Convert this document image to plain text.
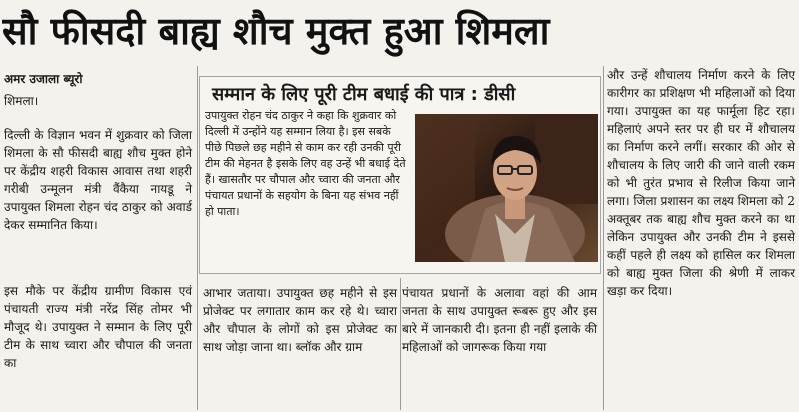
सौ फीसदी बाह्य शौच मुक्त हुआ शिमला
अमर उजाला ब्यूरो
शिमला।

दिल्ली के विज्ञान भवन में शुक्रवार को जिला शिमला के सौ फीसदी बाह्य शौच मुक्त होने पर केंद्रीय शहरी विकास आवास तथा शहरी गरीबी उन्मूलन मंत्री वैंकैया नायडू ने उपायुक्त शिमला रोहन चंद ठाकुर को अवार्ड देकर सम्मानित किया।

इस मौके पर केंद्रीय ग्रामीण विकास एवं पंचायती राज्य मंत्री नरेंद्र सिंह तोमर भी मौजूद थे। उपायुक्त ने सम्मान के लिए पूरी टीम के साथ च्वारा और चौपाल की जनता का

सम्मान के लिए पूरी टीम बधाई की पात्र : डीसी
उपायुक्त रोहन चंद ठाकुर ने कहा कि शुक्रवार को दिल्ली में उन्होंने यह सम्मान लिया है। इस सबके पीछे पिछले छह महीने से काम कर रही उनकी पूरी टीम की मेहनत है इसके लिए वह उन्हें भी बधाई देते हैं। खासतौर पर चौपाल और च्वारा की जनता और पंचायत प्रधानों के सहयोग के बिना यह संभव नहीं हो पाता।

आभार जताया। उपायुक्त छह महीने से इस प्रोजेक्ट पर लगातार काम कर रहे थे। च्वारा और चौपाल के लोगों को इस प्रोजेक्ट का साथ जोड़ा जाना था। ब्लॉक और ग्राम

पंचायत प्रधानों के अलावा वहां की आम जनता के साथ उपायुक्त रूबरू हुए और इस बारे में जानकारी दी। इतना ही नहीं इलाके की महिलाओं को जागरूक किया गया

और उन्हें शौचालय निर्माण करने के लिए कारीगर का प्रशिक्षण भी महिलाओं को दिया गया। उपायुक्त का यह फार्मूला हिट रहा। महिलाएं अपने स्तर पर ही घर में शौचालय का निर्माण करने लगीं। सरकार की ओर से शौचालय के लिए जारी की जाने वाली रकम को भी तुरंत प्रभाव से रिलीज किया जाने लगा। जिला प्रशासन का लक्ष्य शिमला को 2 अक्तूबर तक बाह्य शौच मुक्त करने का था लेकिन उपायुक्त और उनकी टीम ने इससे कहीं पहले ही लक्ष्य को हासिल कर शिमला को बाह्य मुक्त जिला की श्रेणी में लाकर खड़ा कर दिया।
